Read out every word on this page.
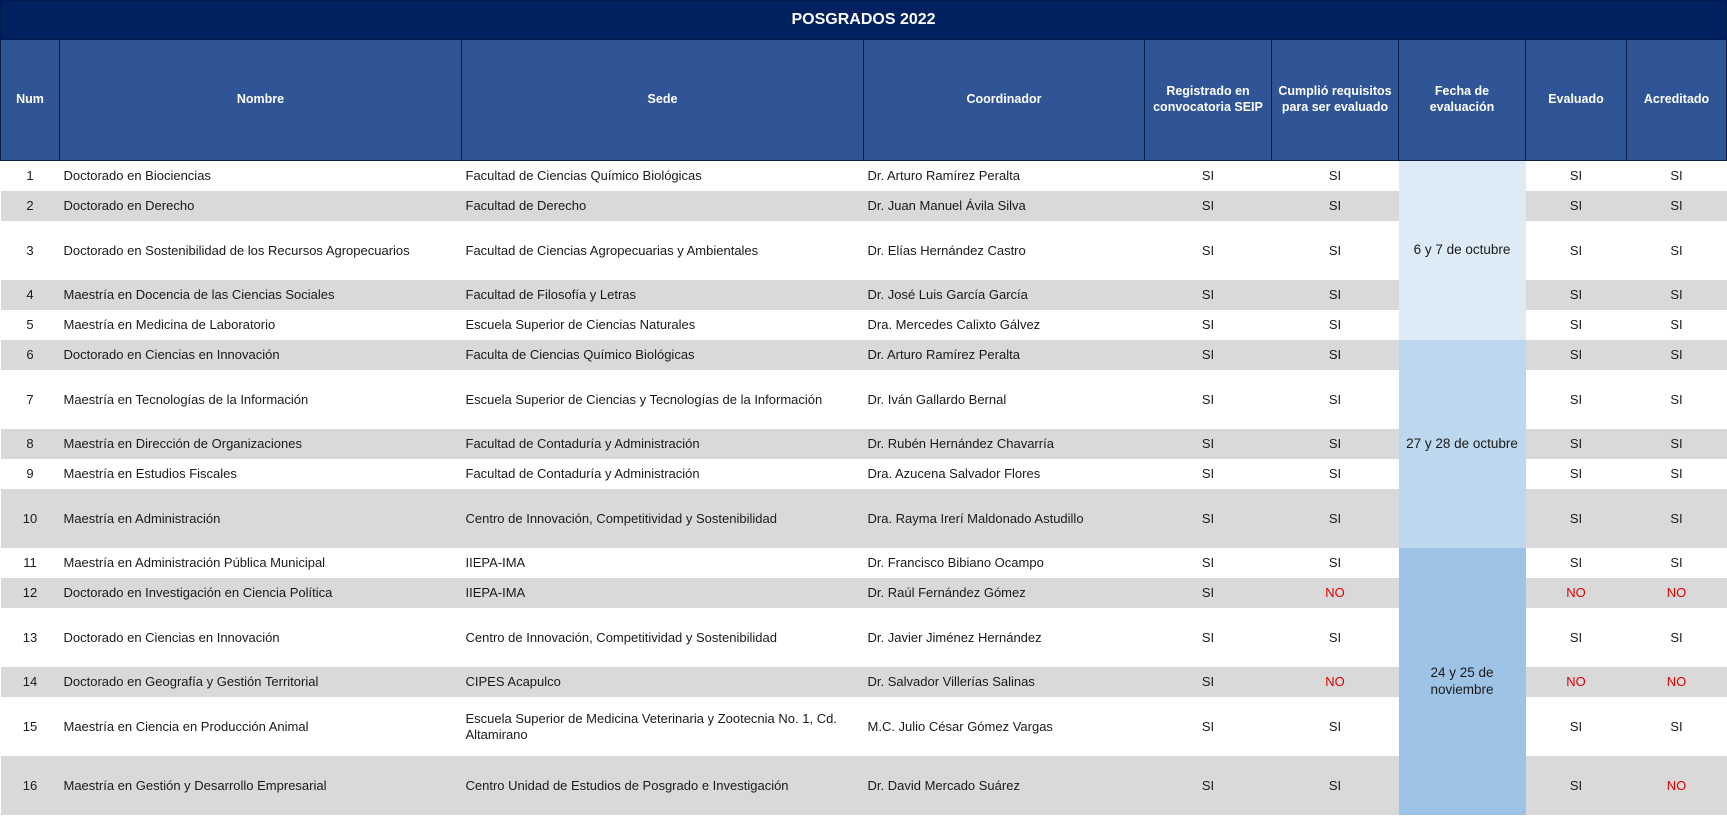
POSGRADOS 2022								
Num	Nombre	Sede	Coordinador	Registrado en convocatoria SEIP	Cumplió requisitos para ser evaluado	Fecha de evaluación	Evaluado	Acreditado
1	Doctorado en Biociencias	Facultad de Ciencias Químico Biológicas	Dr. Arturo Ramírez Peralta	SI	SI	6 y 7 de octubre	SI	SI
2	Doctorado en Derecho	Facultad de Derecho	Dr. Juan Manuel Ávila Silva	SI	SI		SI	SI
3	Doctorado en Sostenibilidad de los Recursos Agropecuarios	Facultad de Ciencias Agropecuarias y Ambientales	Dr. Elías Hernández Castro	SI	SI		SI	SI
4	Maestría en Docencia de las Ciencias Sociales	Facultad de Filosofía y Letras	Dr. José Luis García García	SI	SI		SI	SI
5	Maestría en Medicina de Laboratorio	Escuela Superior de Ciencias Naturales	Dra. Mercedes Calixto Gálvez	SI	SI		SI	SI
6	Doctorado en Ciencias en Innovación	Faculta de Ciencias Químico Biológicas	Dr. Arturo Ramírez Peralta	SI	SI	27 y 28 de octubre	SI	SI
7	Maestría en Tecnologías de la Información	Escuela Superior de Ciencias y Tecnologías de la Información	Dr. Iván Gallardo Bernal	SI	SI		SI	SI
8	Maestría en Dirección de Organizaciones	Facultad de Contaduría y Administración	Dr. Rubén Hernández Chavarría	SI	SI		SI	SI
9	Maestría en Estudios Fiscales	Facultad de Contaduría y Administración	Dra. Azucena Salvador Flores	SI	SI		SI	SI
10	Maestría en Administración	Centro de Innovación, Competitividad y Sostenibilidad	Dra. Rayma Irerí Maldonado Astudillo	SI	SI		SI	SI
11	Maestría en Administración Pública Municipal	IIEPA-IMA	Dr. Francisco Bibiano Ocampo	SI	SI	24 y 25 de noviembre	SI	SI
12	Doctorado en Investigación en Ciencia Política	IIEPA-IMA	Dr. Raúl Fernández Gómez	SI	NO		NO	NO
13	Doctorado en Ciencias en Innovación	Centro de Innovación, Competitividad y Sostenibilidad	Dr. Javier Jiménez Hernández	SI	SI		SI	SI
14	Doctorado en Geografía y Gestión Territorial	CIPES Acapulco	Dr. Salvador Villerías Salinas	SI	NO		NO	NO
15	Maestría en Ciencia en Producción Animal	Escuela Superior de Medicina Veterinaria y Zootecnia No. 1, Cd. Altamirano	M.C. Julio César Gómez Vargas	SI	SI		SI	SI
16	Maestría en Gestión y Desarrollo Empresarial	Centro Unidad de Estudios de Posgrado e Investigación	Dr. David Mercado Suárez	SI	SI		SI	NO
